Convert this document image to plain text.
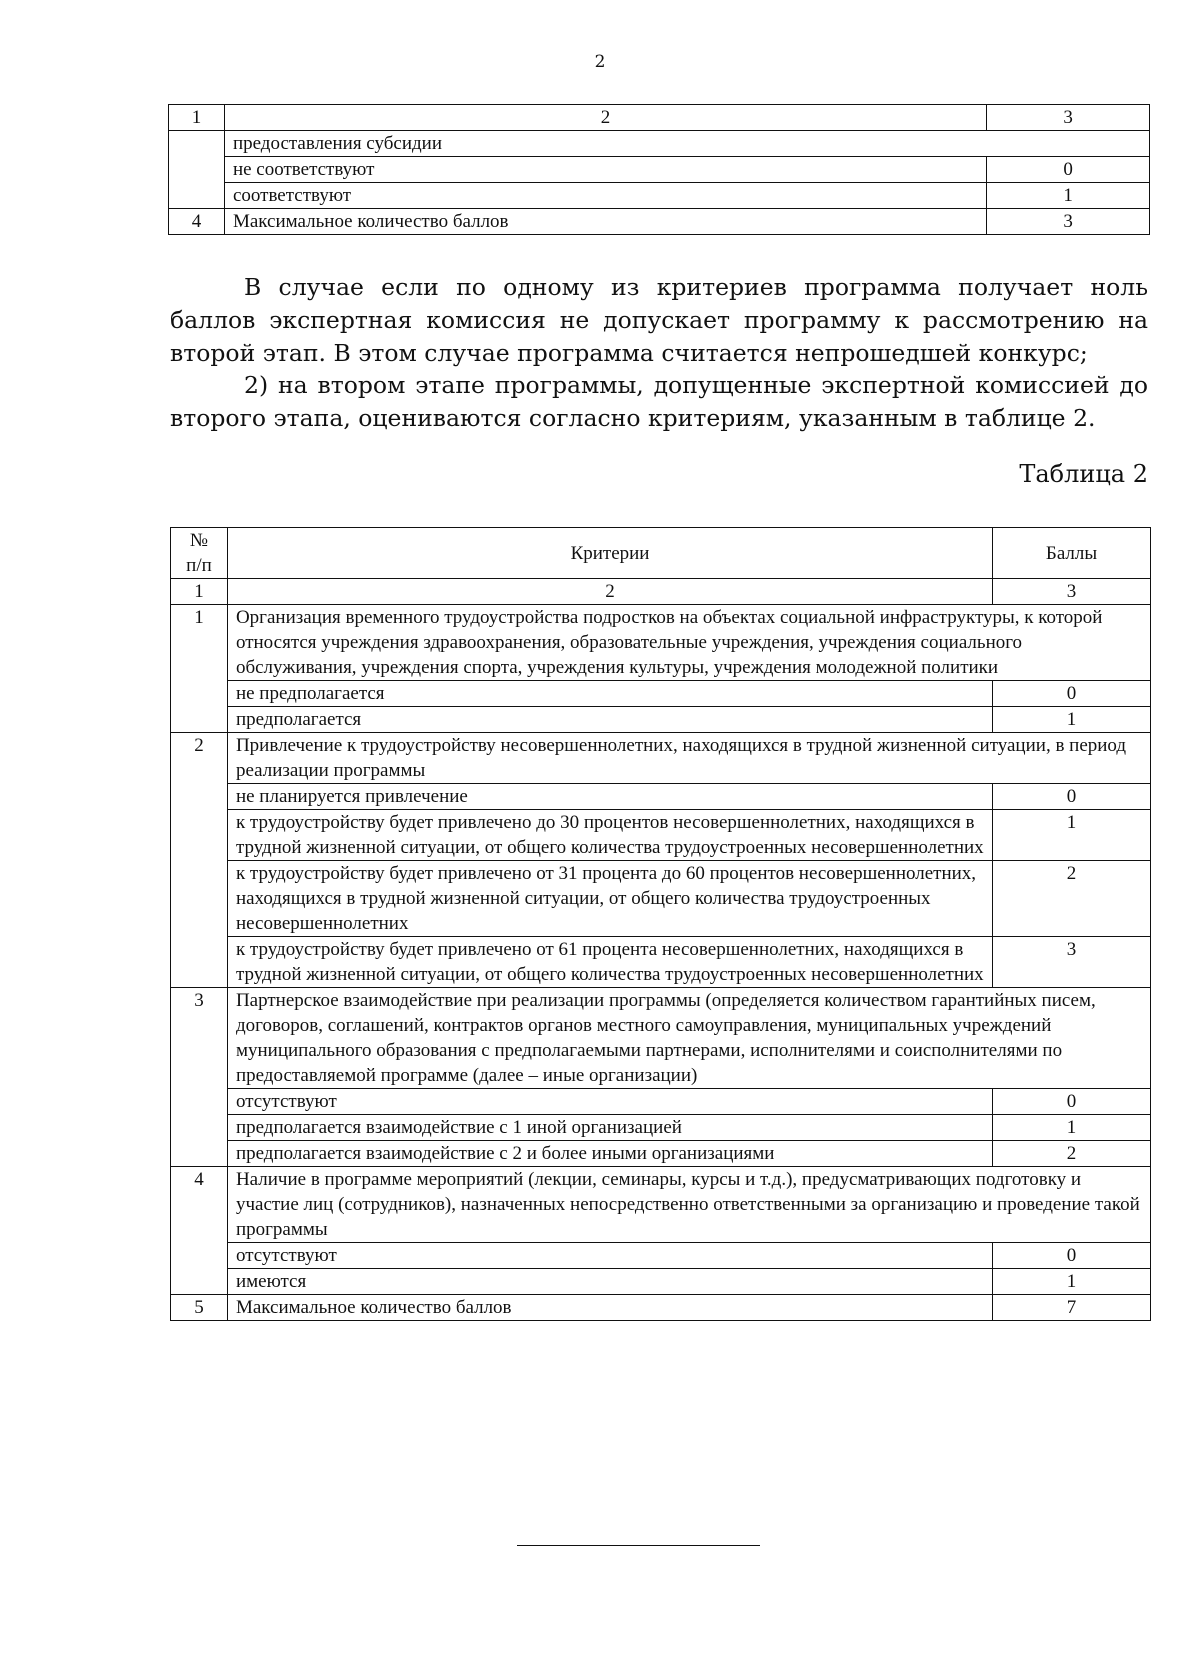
2
1	2	3
	предоставления субсидии	
	не соответствуют	0
	соответствуют	1
4	Максимальное количество баллов	3
В случае если по одному из критериев программа получает ноль баллов экспертная комиссия не допускает программу к рассмотрению на второй этап. В этом случае программа считается непрошедшей конкурс;
2) на втором этапе программы, допущенные экспертной комиссией до второго этапа, оцениваются согласно критериям, указанным в таблице 2.
Таблица 2
№
п/п	Критерии	Баллы
1	2	3
1	Организация временного трудоустройства подростков на объектах социальной инфраструктуры, к которой относятся учреждения здравоохранения, образовательные учреждения, учреждения социального обслуживания, учреждения спорта, учреждения культуры, учреждения молодежной политики	
	не предполагается	0
	предполагается	1
2	Привлечение к трудоустройству несовершеннолетних, находящихся в трудной жизненной ситуации, в период реализации программы	
	не планируется привлечение	0
	к трудоустройству будет привлечено до 30 процентов несовершеннолетних, находящихся в трудной жизненной ситуации, от общего количества трудоустроенных несовершеннолетних	1
	к трудоустройству будет привлечено от 31 процента до 60 процентов несовершеннолетних, находящихся в трудной жизненной ситуации, от общего количества трудоустроенных несовершеннолетних	2
	к трудоустройству будет привлечено от 61 процента несовершеннолетних, находящихся в трудной жизненной ситуации, от общего количества трудоустроенных несовершеннолетних	3
3	Партнерское взаимодействие при реализации программы (определяется количеством гарантийных писем, договоров, соглашений, контрактов органов местного самоуправления, муниципальных учреждений муниципального образования с предполагаемыми партнерами, исполнителями и соисполнителями по предоставляемой программе (далее – иные организации)	
	отсутствуют	0
	предполагается взаимодействие с 1 иной организацией	1
	предполагается взаимодействие с 2 и более иными организациями	2
4	Наличие в программе мероприятий (лекции, семинары, курсы и т.д.), предусматривающих подготовку и участие лиц (сотрудников), назначенных непосредственно ответственными за организацию и проведение такой программы	
	отсутствуют	0
	имеются	1
5	Максимальное количество баллов	7
